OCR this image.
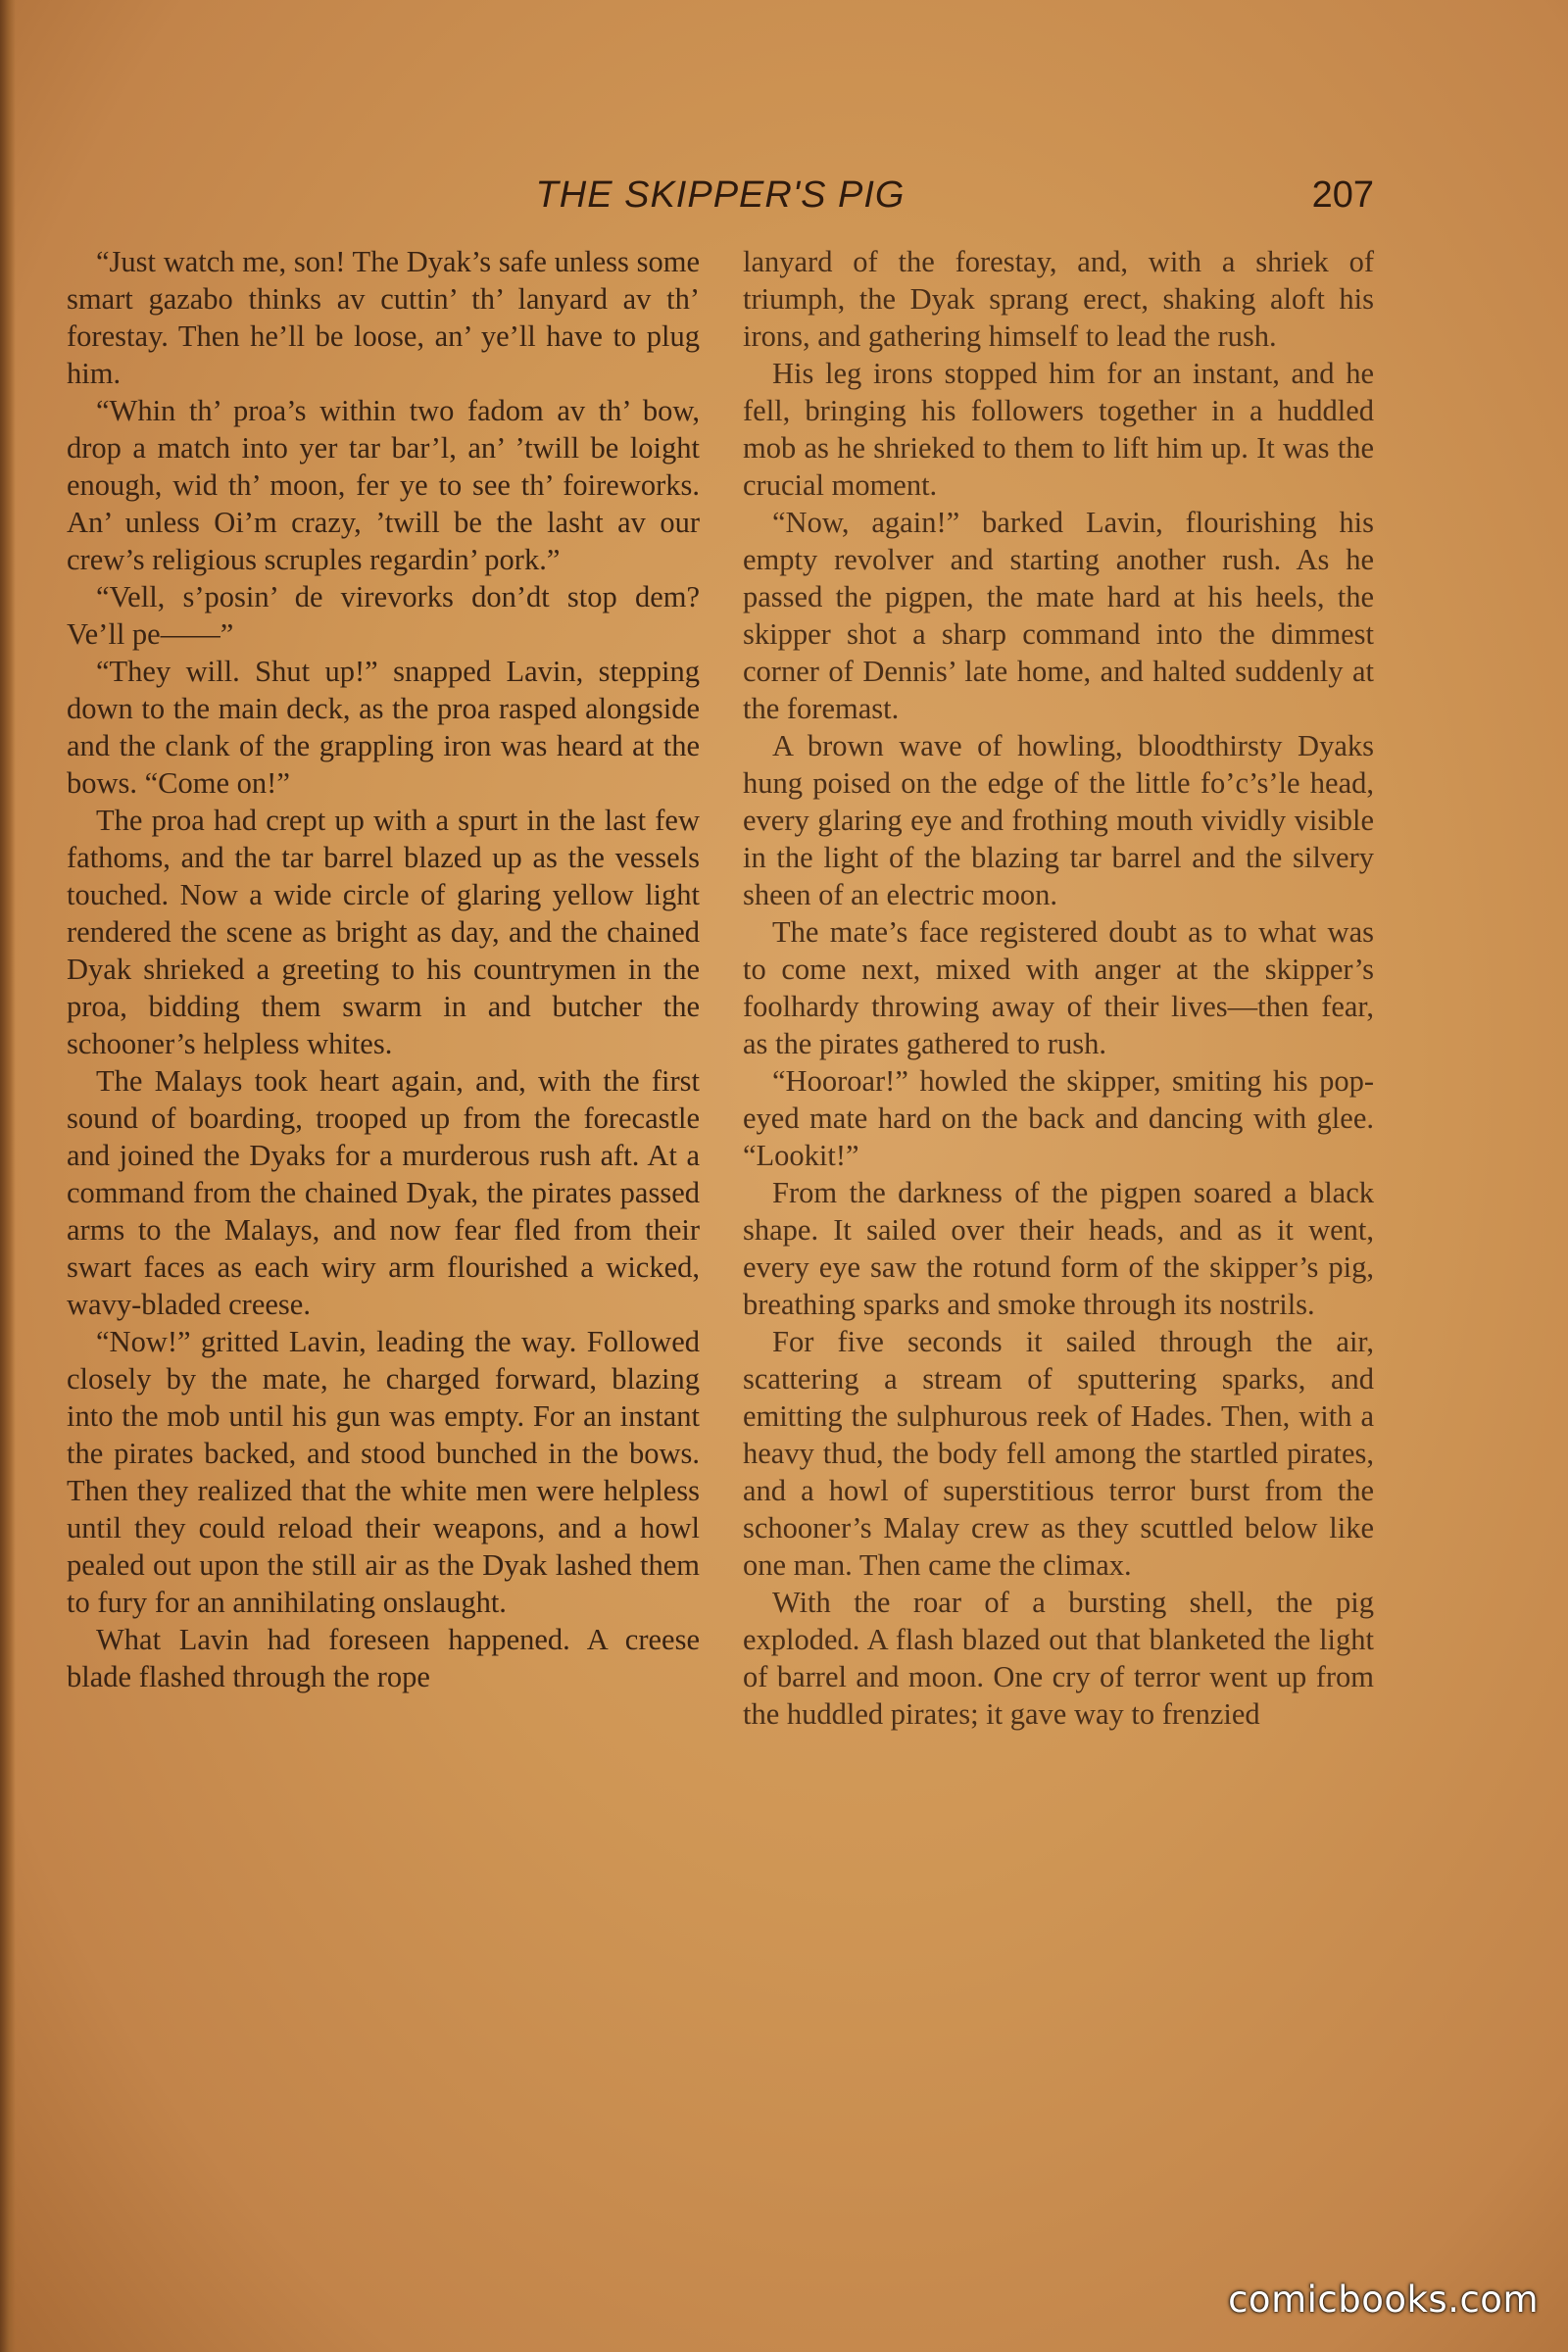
THE SKIPPER'S PIG	207

“Just watch me, son! The Dyak’s safe unless some smart gazabo thinks av cuttin’ th’ lanyard av th’ forestay. Then he’ll be loose, an’ ye’ll have to plug him.

“Whin th’ proa’s within two fadom av th’ bow, drop a match into yer tar bar’l, an’ ’twill be loight enough, wid th’ moon, fer ye to see th’ foireworks. An’ unless Oi’m crazy, ’twill be the lasht av our crew’s religious scruples regardin’ pork.”

“Vell, s’posin’ de virevorks don’dt stop dem? Ve’ll pe——”

“They will. Shut up!” snapped Lavin, stepping down to the main deck, as the proa rasped alongside and the clank of the grappling iron was heard at the bows. “Come on!”

The proa had crept up with a spurt in the last few fathoms, and the tar barrel blazed up as the vessels touched. Now a wide circle of glaring yellow light rendered the scene as bright as day, and the chained Dyak shrieked a greeting to his countrymen in the proa, bidding them swarm in and butcher the schooner’s helpless whites.

The Malays took heart again, and, with the first sound of boarding, trooped up from the forecastle and joined the Dyaks for a murderous rush aft. At a command from the chained Dyak, the pirates passed arms to the Malays, and now fear fled from their swart faces as each wiry arm flourished a wicked, wavy-bladed creese.

“Now!” gritted Lavin, leading the way. Followed closely by the mate, he charged forward, blazing into the mob until his gun was empty. For an instant the pirates backed, and stood bunched in the bows. Then they realized that the white men were helpless until they could reload their weapons, and a howl pealed out upon the still air as the Dyak lashed them to fury for an annihilating onslaught.

What Lavin had foreseen happened. A creese blade flashed through the rope

lanyard of the forestay, and, with a shriek of triumph, the Dyak sprang erect, shaking aloft his irons, and gathering himself to lead the rush.

His leg irons stopped him for an instant, and he fell, bringing his followers together in a huddled mob as he shrieked to them to lift him up. It was the crucial moment.

“Now, again!” barked Lavin, flourishing his empty revolver and starting another rush. As he passed the pigpen, the mate hard at his heels, the skipper shot a sharp command into the dimmest corner of Dennis’ late home, and halted suddenly at the foremast.

A brown wave of howling, bloodthirsty Dyaks hung poised on the edge of the little fo’c’s’le head, every glaring eye and frothing mouth vividly visible in the light of the blazing tar barrel and the silvery sheen of an electric moon.

The mate’s face registered doubt as to what was to come next, mixed with anger at the skipper’s foolhardy throwing away of their lives—then fear, as the pirates gathered to rush.

“Hooroar!” howled the skipper, smiting his pop-eyed mate hard on the back and dancing with glee. “Lookit!”

From the darkness of the pigpen soared a black shape. It sailed over their heads, and as it went, every eye saw the rotund form of the skipper’s pig, breathing sparks and smoke through its nostrils.

For five seconds it sailed through the air, scattering a stream of sputtering sparks, and emitting the sulphurous reek of Hades. Then, with a heavy thud, the body fell among the startled pirates, and a howl of superstitious terror burst from the schooner’s Malay crew as they scuttled below like one man. Then came the climax.

With the roar of a bursting shell, the pig exploded. A flash blazed out that blanketed the light of barrel and moon. One cry of terror went up from the huddled pirates; it gave way to frenzied

comicbooks.com
